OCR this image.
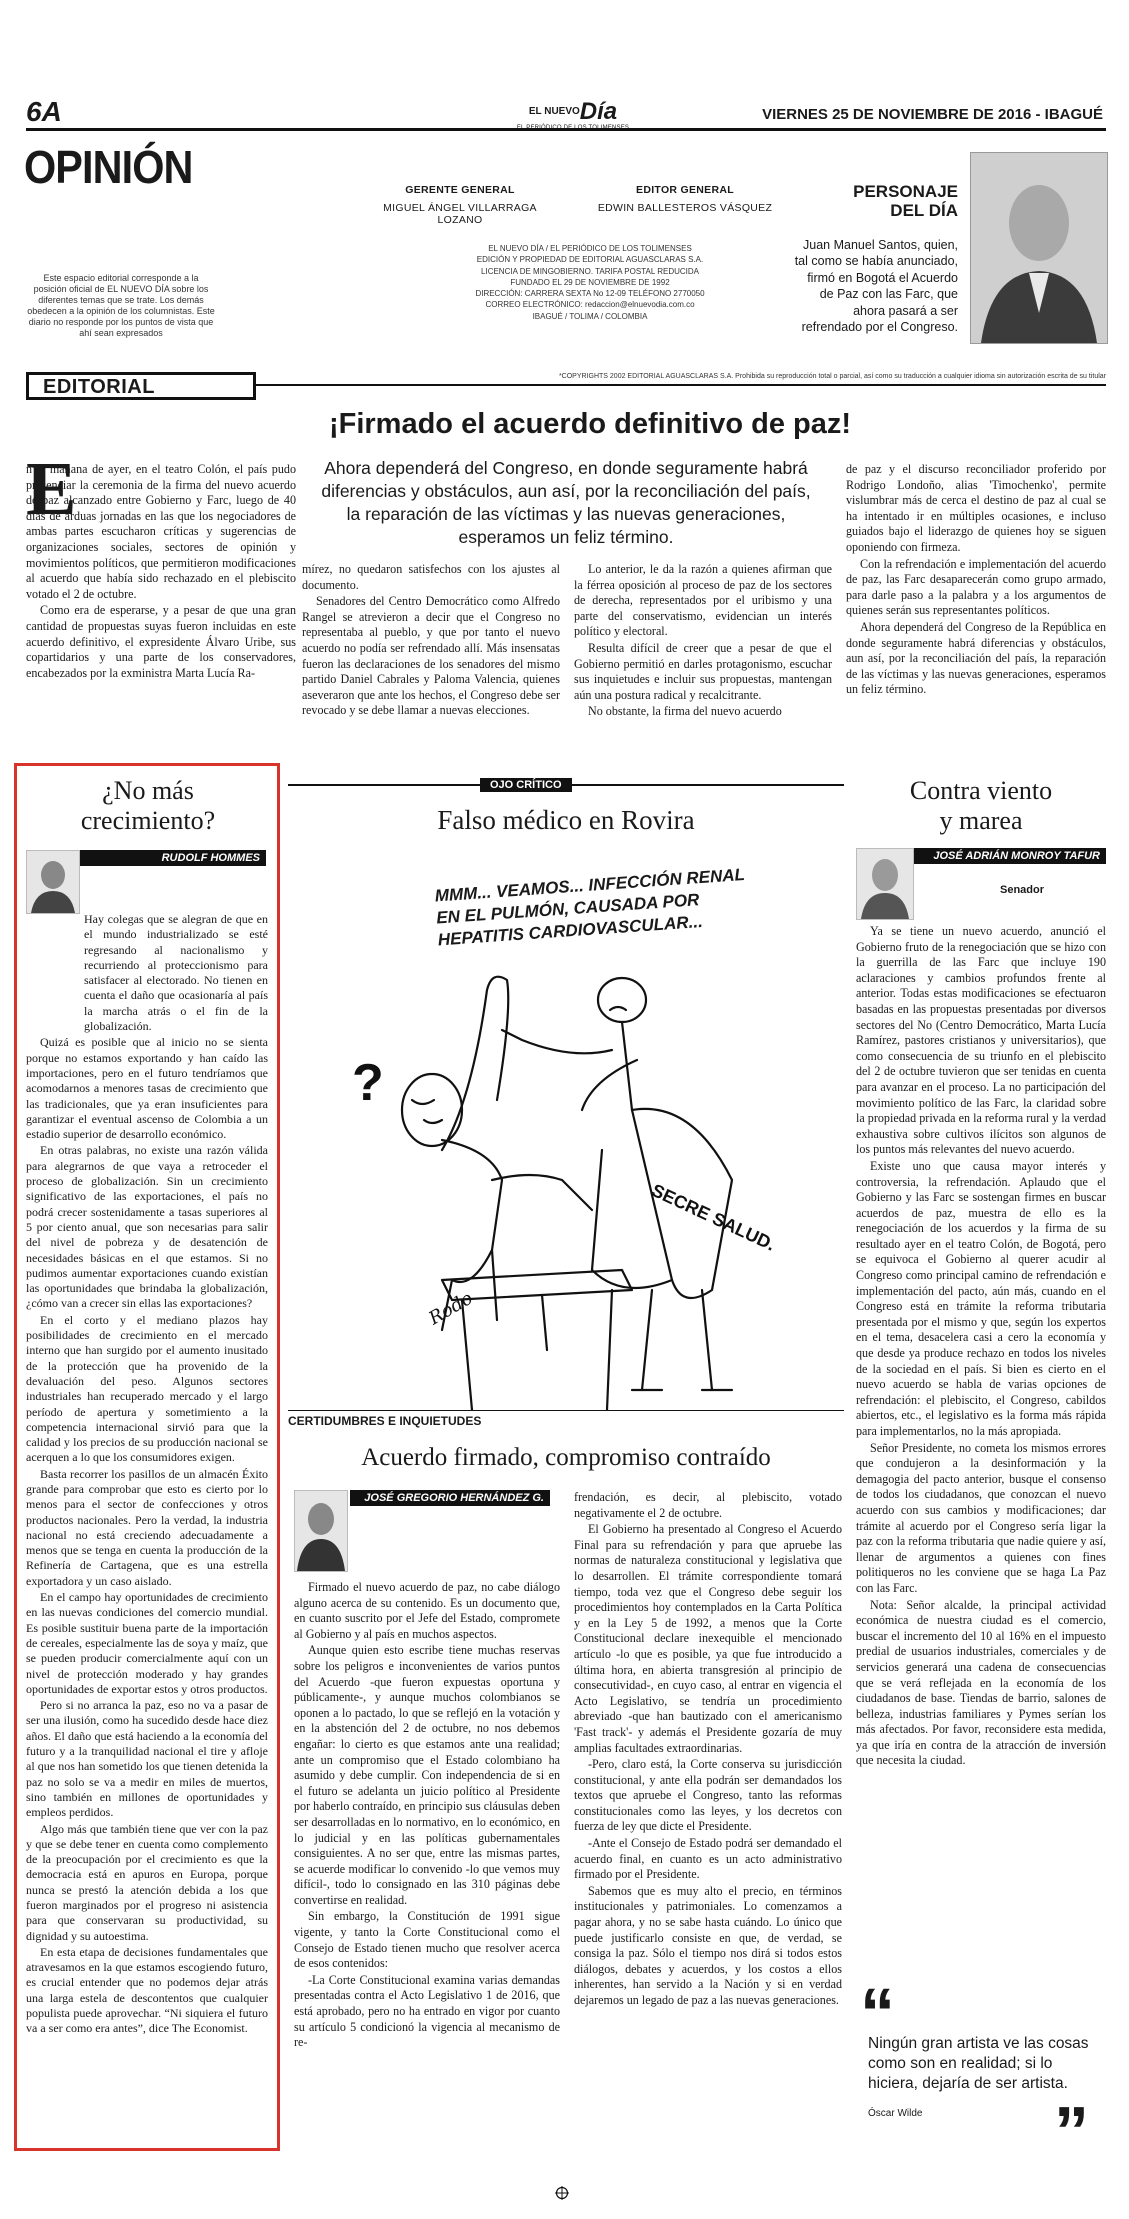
6A	$^{EL NUEVO}$Día	VIERNES 25 DE NOVIEMBRE DE 2016 - IBAGUÉ
OPINIÓN
Este espacio editorial corresponde a la posición oficial de EL NUEVO DÍA sobre los diferentes temas que se trate. Los demás obedecen a la opinión de los columnistas. Este diario no responde por los puntos de vista que ahí sean expresados
GERENTE GENERAL
MIGUEL ÁNGEL VILLARRAGA LOZANO
EDITOR GENERAL
EDWIN BALLESTEROS VÁSQUEZ
EL NUEVO DÍA / EL PERIÓDICO DE LOS TOLIMENSES
EDICIÓN Y PROPIEDAD DE EDITORIAL AGUASCLARAS S.A.
LICENCIA DE MINGOBIERNO. TARIFA POSTAL REDUCIDA
FUNDADO EL 29 DE NOVIEMBRE DE 1992
DIRECCIÓN: CARRERA SEXTA No 12-09 TELÉFONO 2770050
CORREO ELECTRÓNICO: redaccion@elnuevodia.com.co
IBAGUÉ / TOLIMA / COLOMBIA
PERSONAJE
DEL DÍA
Juan Manuel Santos, quien, tal como se había anunciado, firmó en Bogotá el Acuerdo de Paz con las Farc, que ahora pasará a ser refrendado por el Congreso.
EDITORIAL	*COPYRIGHTS 2002 EDITORIAL AGUASCLARAS S.A. Prohibida su reproducción total o parcial, así como su traducción a cualquier idioma sin autorización escrita de su titular
¡Firmado el acuerdo definitivo de paz!
Ahora dependerá del Congreso, en donde seguramente habrá diferencias y obstáculos, aun así, por la reconciliación del país, la reparación de las víctimas y las nuevas generaciones, esperamos un feliz término.
E

n la mañana de ayer, en el teatro Colón, el país pudo presenciar la ceremonia de la firma del nuevo acuerdo de paz alcanzado entre Gobierno y Farc, luego de 40 días de arduas jornadas en las que los negociadores de ambas partes escucharon críticas y sugerencias de organizaciones sociales, sectores de opinión y movimientos políticos, que permitieron modificaciones al acuerdo que había sido rechazado en el plebiscito votado el 2 de octubre.

Como era de esperarse, y a pesar de que una gran cantidad de propuestas suyas fueron incluidas en este acuerdo definitivo, el expresidente Álvaro Uribe, sus copartidarios y una parte de los conservadores, encabezados por la exministra Marta Lucía Ra-

mírez, no quedaron satisfechos con los ajustes al documento.

Senadores del Centro Democrático como Alfredo Rangel se atrevieron a decir que el Congreso no representaba al pueblo, y que por tanto el nuevo acuerdo no podía ser refrendado allí. Más insensatas fueron las declaraciones de los senadores del mismo partido Daniel Cabrales y Paloma Valencia, quienes aseveraron que ante los hechos, el Congreso debe ser revocado y se debe llamar a nuevas elecciones.

Lo anterior, le da la razón a quienes afirman que la férrea oposición al proceso de paz de los sectores de derecha, representados por el uribismo y una parte del conservatismo, evidencian un interés político y electoral.

Resulta difícil de creer que a pesar de que el Gobierno permitió en darles protagonismo, escuchar sus inquietudes e incluir sus propuestas, mantengan aún una postura radical y recalcitrante.

No obstante, la firma del nuevo acuerdo

de paz y el discurso reconciliador proferido por Rodrigo Londoño, alias 'Timochenko', permite vislumbrar más de cerca el destino de paz al cual se ha intentado ir en múltiples ocasiones, e incluso guiados bajo el liderazgo de quienes hoy se siguen oponiendo con firmeza.

Con la refrendación e implementación del acuerdo de paz, las Farc desaparecerán como grupo armado, para darle paso a la palabra y a los argumentos de quienes serán sus representantes políticos.

Ahora dependerá del Congreso de la República en donde seguramente habrá diferencias y obstáculos, aun así, por la reconciliación del país, la reparación de las víctimas y las nuevas generaciones, esperamos un feliz término.

¿No más crecimiento?
RUDOLF HOMMES

Hay colegas que se alegran de que en el mundo industrializado se esté regresando al nacionalismo y recurriendo al proteccionismo para satisfacer al electorado. No tienen en cuenta el daño que ocasionaría al país la marcha atrás o el fin de la globalización.

Quizá es posible que al inicio no se sienta porque no estamos exportando y han caído las importaciones, pero en el futuro tendríamos que acomodarnos a menores tasas de crecimiento que las tradicionales, que ya eran insuficientes para garantizar el eventual ascenso de Colombia a un estadio superior de desarrollo económico.

En otras palabras, no existe una razón válida para alegrarnos de que vaya a retroceder el proceso de globalización. Sin un crecimiento significativo de las exportaciones, el país no podrá crecer sostenidamente a tasas superiores al 5 por ciento anual, que son necesarias para salir del nivel de pobreza y de desatención de necesidades básicas en el que estamos. Si no pudimos aumentar exportaciones cuando existían las oportunidades que brindaba la globalización, ¿cómo van a crecer sin ellas las exportaciones?

En el corto y el mediano plazos hay posibilidades de crecimiento en el mercado interno que han surgido por el aumento inusitado de la protección que ha provenido de la devaluación del peso. Algunos sectores industriales han recuperado mercado y el largo período de apertura y sometimiento a la competencia internacional sirvió para que la calidad y los precios de su producción nacional se acerquen a lo que los consumidores exigen.

Basta recorrer los pasillos de un almacén Éxito grande para comprobar que esto es cierto por lo menos para el sector de confecciones y otros productos nacionales. Pero la verdad, la industria nacional no está creciendo adecuadamente a menos que se tenga en cuenta la producción de la Refinería de Cartagena, que es una estrella exportadora y un caso aislado.

En el campo hay oportunidades de crecimiento en las nuevas condiciones del comercio mundial. Es posible sustituir buena parte de la importación de cereales, especialmente las de soya y maíz, que se pueden producir comercialmente aquí con un nivel de protección moderado y hay grandes oportunidades de exportar estos y otros productos.

Pero si no arranca la paz, eso no va a pasar de ser una ilusión, como ha sucedido desde hace diez años. El daño que está haciendo a la economía del futuro y a la tranquilidad nacional el tire y afloje al que nos han sometido los que tienen detenida la paz no solo se va a medir en miles de muertos, sino también en millones de oportunidades y empleos perdidos.

Algo más que también tiene que ver con la paz y que se debe tener en cuenta como complemento de la preocupación por el crecimiento es que la democracia está en apuros en Europa, porque nunca se prestó la atención debida a los que fueron marginados por el progreso ni asistencia para que conservaran su productividad, su dignidad y su autoestima.

En esta etapa de decisiones fundamentales que atravesamos en la que estamos escogiendo futuro, es crucial entender que no podemos dejar atrás una larga estela de descontentos que cualquier populista puede aprovechar. “Ni siquiera el futuro va a ser como era antes”, dice The Economist.

OJO CRÍTICO
Falso médico en Rovira
?
SECRE SALUD.
Rodo
MMM... VEAMOS... INFECCIÓN RENAL EN EL PULMÓN, CAUSADA POR HEPATITIS CARDIOVASCULAR...
CERTIDUMBRES E INQUIETUDES
Acuerdo firmado, compromiso contraído
JOSÉ GREGORIO HERNÁNDEZ G.

Firmado el nuevo acuerdo de paz, no cabe diálogo alguno acerca de su contenido. Es un documento que, en cuanto suscrito por el Jefe del Estado, compromete al Gobierno y al país en muchos aspectos.

Aunque quien esto escribe tiene muchas reservas sobre los peligros e inconvenientes de varios puntos del Acuerdo -que fueron expuestas oportuna y públicamente-, y aunque muchos colombianos se oponen a lo pactado, lo que se reflejó en la votación y en la abstención del 2 de octubre, no nos debemos engañar: lo cierto es que estamos ante una realidad; ante un compromiso que el Estado colombiano ha asumido y debe cumplir. Con independencia de si en el futuro se adelanta un juicio político al Presidente por haberlo contraído, en principio sus cláusulas deben ser desarrolladas en lo normativo, en lo económico, en lo judicial y en las políticas gubernamentales consiguientes. A no ser que, entre las mismas partes, se acuerde modificar lo convenido -lo que vemos muy difícil-, todo lo consignado en las 310 páginas debe convertirse en realidad.

Sin embargo, la Constitución de 1991 sigue vigente, y tanto la Corte Constitucional como el Consejo de Estado tienen mucho que resolver acerca de esos contenidos:

-La Corte Constitucional examina varias demandas presentadas contra el Acto Legislativo 1 de 2016, que está aprobado, pero no ha entrado en vigor por cuanto su artículo 5 condicionó la vigencia al mecanismo de re-

frendación, es decir, al plebiscito, votado negativamente el 2 de octubre.

El Gobierno ha presentado al Congreso el Acuerdo Final para su refrendación y para que apruebe las normas de naturaleza constitucional y legislativa que lo desarrollen. El trámite correspondiente tomará tiempo, toda vez que el Congreso debe seguir los procedimientos hoy contemplados en la Carta Política y en la Ley 5 de 1992, a menos que la Corte Constitucional declare inexequible el mencionado artículo -lo que es posible, ya que fue introducido a última hora, en abierta transgresión al principio de consecutividad-, en cuyo caso, al entrar en vigencia el Acto Legislativo, se tendría un procedimiento abreviado -que han bautizado con el americanismo 'Fast track'- y además el Presidente gozaría de muy amplias facultades extraordinarias.

-Pero, claro está, la Corte conserva su jurisdicción constitucional, y ante ella podrán ser demandados los textos que apruebe el Congreso, tanto las reformas constitucionales como las leyes, y los decretos con fuerza de ley que dicte el Presidente.

-Ante el Consejo de Estado podrá ser demandado el acuerdo final, en cuanto es un acto administrativo firmado por el Presidente.

Sabemos que es muy alto el precio, en términos institucionales y patrimoniales. Lo comenzamos a pagar ahora, y no se sabe hasta cuándo. Lo único que puede justificarlo consiste en que, de verdad, se consiga la paz. Sólo el tiempo nos dirá si todos estos diálogos, debates y acuerdos, y los costos a ellos inherentes, han servido a la Nación y si en verdad dejaremos un legado de paz a las nuevas generaciones.

Contra viento
y marea
JOSÉ ADRIÁN MONROY TAFUR
Senador

Ya se tiene un nuevo acuerdo, anunció el Gobierno fruto de la renegociación que se hizo con la guerrilla de las Farc que incluye 190 aclaraciones y cambios profundos frente al anterior. Todas estas modificaciones se efectuaron basadas en las propuestas presentadas por diversos sectores del No (Centro Democrático, Marta Lucía Ramírez, pastores cristianos y universitarios), que como consecuencia de su triunfo en el plebiscito del 2 de octubre tuvieron que ser tenidas en cuenta para avanzar en el proceso. La no participación del movimiento político de las Farc, la claridad sobre la propiedad privada en la reforma rural y la verdad exhaustiva sobre cultivos ilícitos son algunos de los puntos más relevantes del nuevo acuerdo.

Existe uno que causa mayor interés y controversia, la refrendación. Aplaudo que el Gobierno y las Farc se sostengan firmes en buscar acuerdos de paz, muestra de ello es la renegociación de los acuerdos y la firma de su resultado ayer en el teatro Colón, de Bogotá, pero se equivoca el Gobierno al querer acudir al Congreso como principal camino de refrendación e implementación del pacto, aún más, cuando en el Congreso está en trámite la reforma tributaria presentada por el mismo y que, según los expertos en el tema, desacelera casi a cero la economía y que desde ya produce rechazo en todos los niveles de la sociedad en el país. Si bien es cierto en el nuevo acuerdo se habla de varias opciones de refrendación: el plebiscito, el Congreso, cabildos abiertos, etc., el legislativo es la forma más rápida para implementarlos, no la más apropiada.

Señor Presidente, no cometa los mismos errores que condujeron a la desinformación y la demagogia del pacto anterior, busque el consenso de todos los ciudadanos, que conozcan el nuevo acuerdo con sus cambios y modificaciones; dar trámite al acuerdo por el Congreso sería ligar la paz con la reforma tributaria que nadie quiere y así, llenar de argumentos a quienes con fines politiqueros no les conviene que se haga La Paz con las Farc.

Nota: Señor alcalde, la principal actividad económica de nuestra ciudad es el comercio, buscar el incremento del 10 al 16% en el impuesto predial de usuarios industriales, comerciales y de servicios generará una cadena de consecuencias que se verá reflejada en la economía de los ciudadanos de base. Tiendas de barrio, salones de belleza, industrias familiares y Pymes serían los más afectados. Por favor, reconsidere esta medida, ya que iría en contra de la atracción de inversión que necesita la ciudad.

“
Ningún gran artista ve las cosas como son en realidad; si lo hiciera, dejaría de ser artista.
Óscar Wilde ”
